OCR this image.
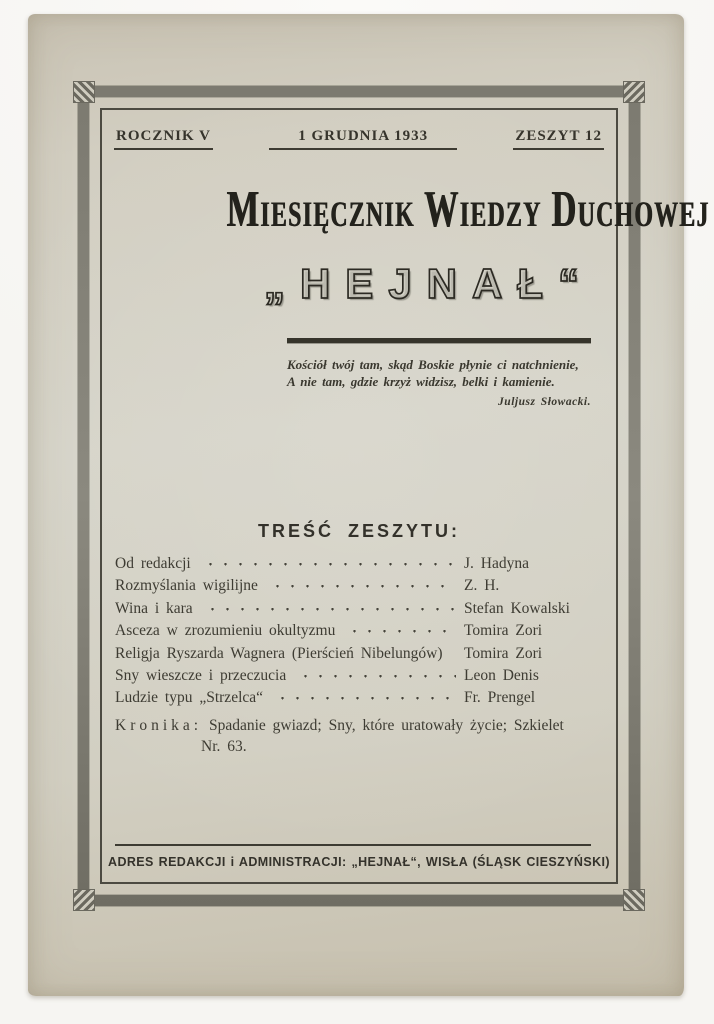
ROCZNIK V	1 GRUDNIA 1933	ZESZYT 12
Miesięcznik Wiedzy Duchowej
„HEJNAŁ“
Kościół twój tam, skąd Boskie płynie ci natchnienie,
A nie tam, gdzie krzyż widzisz, belki i kamienie.
Juljusz Słowacki.
TREŚĆ ZESZYTU:
Od redakcji	J. Hadyna
Rozmyślania wigilijne	Z. H.
Wina i kara	Stefan Kowalski
Asceza w zrozumieniu okultyzmu	Tomira Zori
Religja Ryszarda Wagnera (Pierścień Nibelungów) Tomira Zori
Sny wieszcze i przeczucia	Leon Denis
Ludzie typu „Strzelca“	Fr. Prengel
Kronika: Spadanie gwiazd; Sny, które uratowały życie; Szkielet
Nr. 63.
ADRES REDAKCJI i ADMINISTRACJI: „HEJNAŁ“, WISŁA (ŚLĄSK CIESZYŃSKI)
